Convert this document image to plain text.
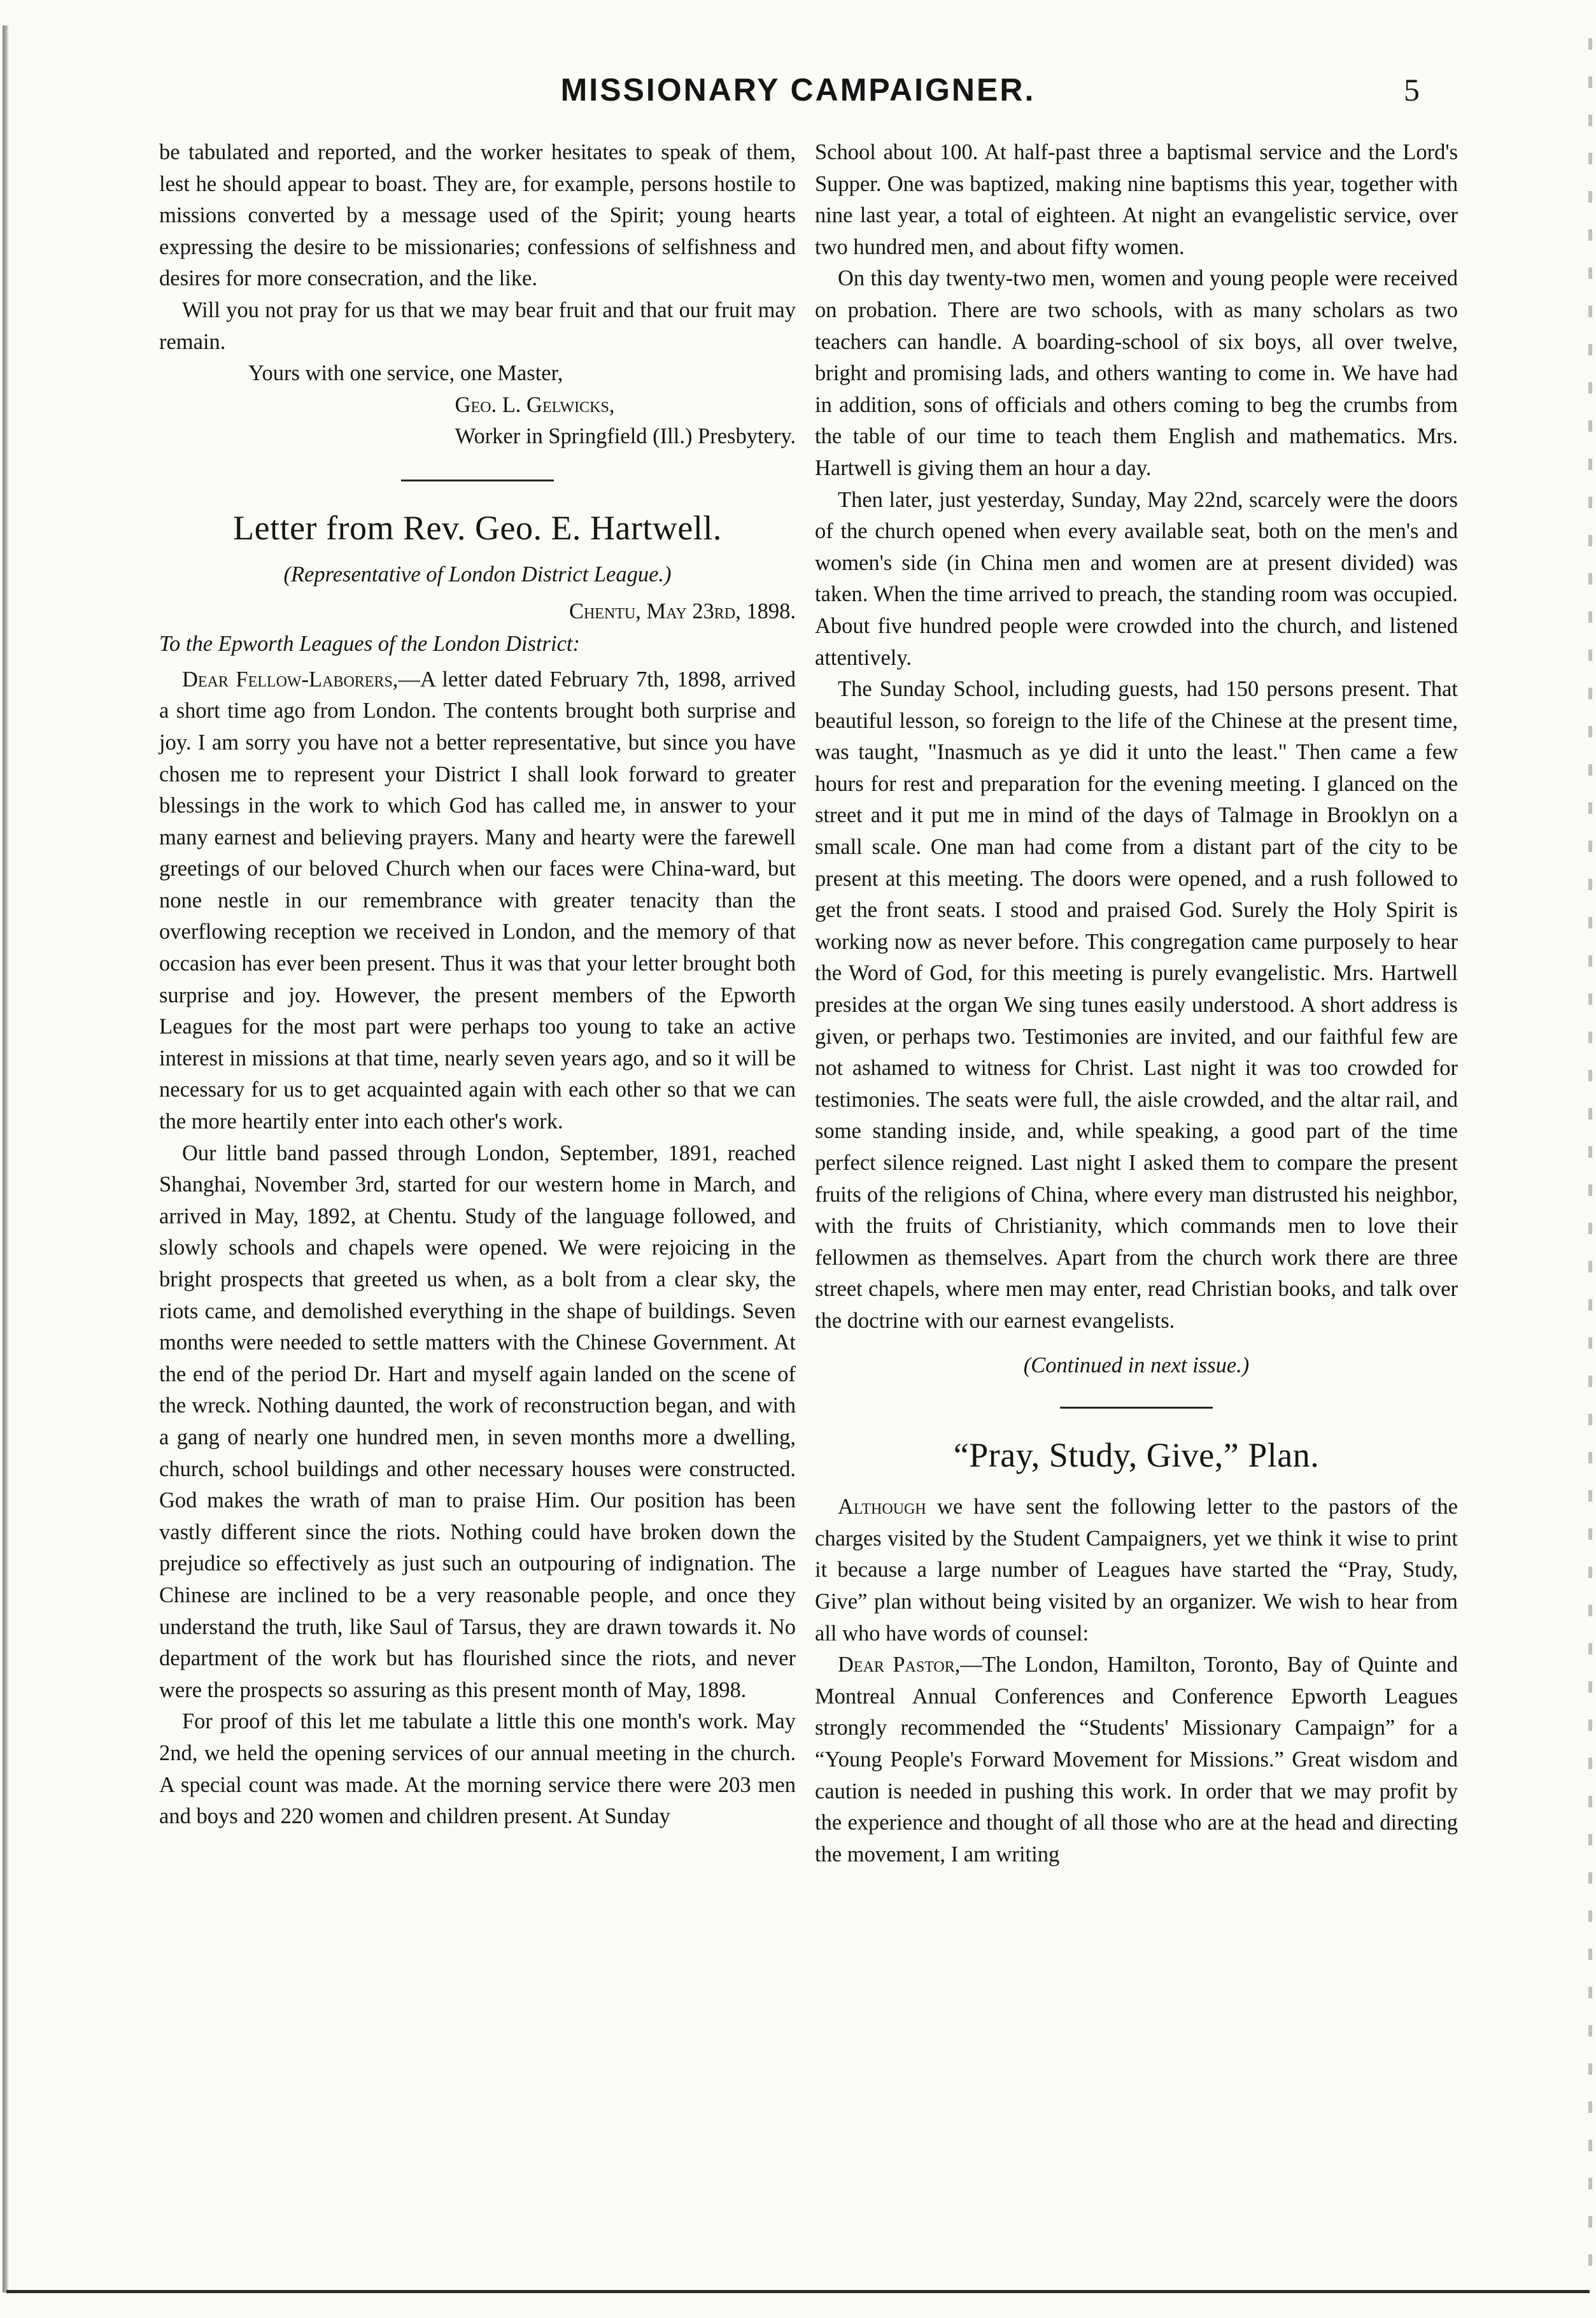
MISSIONARY CAMPAIGNER.	5

be tabulated and reported, and the worker hesitates to speak of them, lest he should appear to boast. They are, for example, persons hostile to missions converted by a message used of the Spirit; young hearts expressing the desire to be missionaries; confessions of selfishness and desires for more consecration, and the like.

Will you not pray for us that we may bear fruit and that our fruit may remain.

Yours with one service, one Master,

Geo. L. Gelwicks,

Worker in Springfield (Ill.) Presbytery.

Letter from Rev. Geo. E. Hartwell.

(Representative of London District League.)

Chentu, May 23rd, 1898.

To the Epworth Leagues of the London District:

Dear Fellow-Laborers,—A letter dated February 7th, 1898, arrived a short time ago from London. The contents brought both surprise and joy. I am sorry you have not a better representative, but since you have chosen me to represent your District I shall look forward to greater blessings in the work to which God has called me, in answer to your many earnest and believing prayers. Many and hearty were the farewell greetings of our beloved Church when our faces were China-ward, but none nestle in our remembrance with greater tenacity than the overflowing reception we received in London, and the memory of that occasion has ever been present. Thus it was that your letter brought both surprise and joy. However, the present members of the Epworth Leagues for the most part were perhaps too young to take an active interest in missions at that time, nearly seven years ago, and so it will be necessary for us to get acquainted again with each other so that we can the more heartily enter into each other's work.

Our little band passed through London, September, 1891, reached Shanghai, November 3rd, started for our western home in March, and arrived in May, 1892, at Chentu. Study of the language followed, and slowly schools and chapels were opened. We were rejoicing in the bright prospects that greeted us when, as a bolt from a clear sky, the riots came, and demolished everything in the shape of buildings. Seven months were needed to settle matters with the Chinese Government. At the end of the period Dr. Hart and myself again landed on the scene of the wreck. Nothing daunted, the work of reconstruction began, and with a gang of nearly one hundred men, in seven months more a dwelling, church, school buildings and other necessary houses were constructed. God makes the wrath of man to praise Him. Our position has been vastly different since the riots. Nothing could have broken down the prejudice so effectively as just such an outpouring of indignation. The Chinese are inclined to be a very reasonable people, and once they understand the truth, like Saul of Tarsus, they are drawn towards it. No department of the work but has flourished since the riots, and never were the prospects so assuring as this present month of May, 1898.

For proof of this let me tabulate a little this one month's work. May 2nd, we held the opening services of our annual meeting in the church. A special count was made. At the morning service there were 203 men and boys and 220 women and children present. At Sunday

School about 100. At half-past three a baptismal service and the Lord's Supper. One was baptized, making nine baptisms this year, together with nine last year, a total of eighteen. At night an evangelistic service, over two hundred men, and about fifty women.

On this day twenty-two men, women and young people were received on probation. There are two schools, with as many scholars as two teachers can handle. A boarding-school of six boys, all over twelve, bright and promising lads, and others wanting to come in. We have had in addition, sons of officials and others coming to beg the crumbs from the table of our time to teach them English and mathematics. Mrs. Hartwell is giving them an hour a day.

Then later, just yesterday, Sunday, May 22nd, scarcely were the doors of the church opened when every available seat, both on the men's and women's side (in China men and women are at present divided) was taken. When the time arrived to preach, the standing room was occupied. About five hundred people were crowded into the church, and listened attentively.

The Sunday School, including guests, had 150 persons present. That beautiful lesson, so foreign to the life of the Chinese at the present time, was taught, "Inasmuch as ye did it unto the least." Then came a few hours for rest and preparation for the evening meeting. I glanced on the street and it put me in mind of the days of Talmage in Brooklyn on a small scale. One man had come from a distant part of the city to be present at this meeting. The doors were opened, and a rush followed to get the front seats. I stood and praised God. Surely the Holy Spirit is working now as never before. This congregation came purposely to hear the Word of God, for this meeting is purely evangelistic. Mrs. Hartwell presides at the organ We sing tunes easily understood. A short address is given, or perhaps two. Testimonies are invited, and our faithful few are not ashamed to witness for Christ. Last night it was too crowded for testimonies. The seats were full, the aisle crowded, and the altar rail, and some standing inside, and, while speaking, a good part of the time perfect silence reigned. Last night I asked them to compare the present fruits of the religions of China, where every man distrusted his neighbor, with the fruits of Christianity, which commands men to love their fellowmen as themselves. Apart from the church work there are three street chapels, where men may enter, read Christian books, and talk over the doctrine with our earnest evangelists.

(Continued in next issue.)

“Pray, Study, Give,” Plan.

Although we have sent the following letter to the pastors of the charges visited by the Student Campaigners, yet we think it wise to print it because a large number of Leagues have started the “Pray, Study, Give” plan without being visited by an organizer. We wish to hear from all who have words of counsel:

Dear Pastor,—The London, Hamilton, Toronto, Bay of Quinte and Montreal Annual Conferences and Conference Epworth Leagues strongly recommended the “Students' Missionary Campaign” for a “Young People's Forward Movement for Missions.” Great wisdom and caution is needed in pushing this work. In order that we may profit by the experience and thought of all those who are at the head and directing the movement, I am writing
